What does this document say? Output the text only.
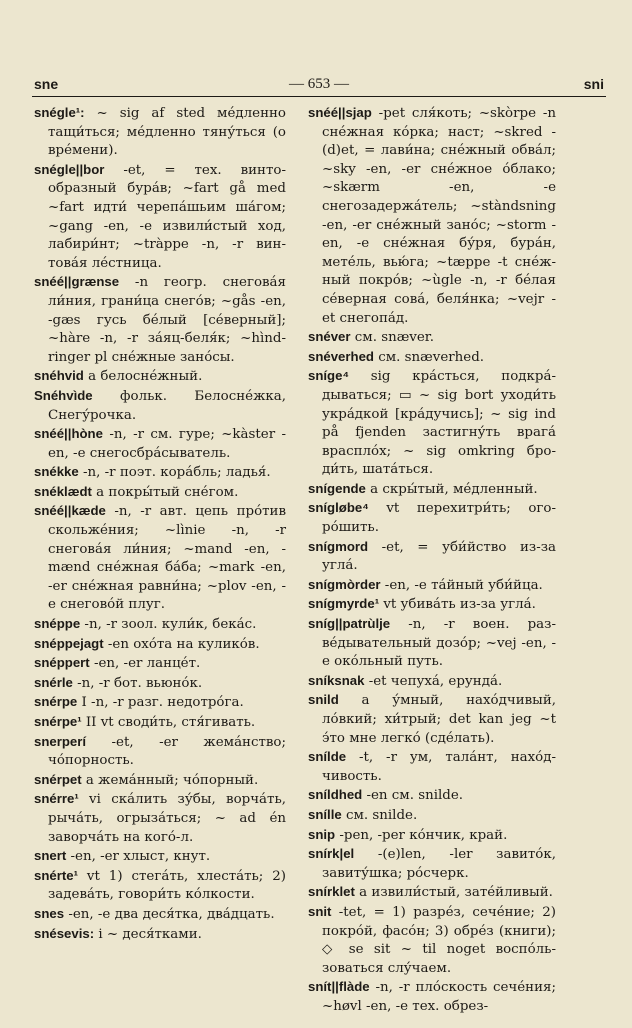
— 653 —
sne	sni

snégle¹: ~ sig af sted мéдленно тащи́ться; мéдленно тяну́ться (о врéмени).

snégle||bor -et, = тех. винтообразный бурáв; ~fart gå med ~fart идти́ черепáшьим шáгом; ~gang -en, -e извили́стый ход, лабири́нт; ~tràppe -n, -r винтовáя лéстница.

snéé||grænse -n геогр. снеговáя ли́ния, грани́ца снегóв; ~gås -en, -gæs гусь бéлый [сéверный]; ~hàre -n, -r зáяц-беля́к; ~hìndringer pl снéжные занóсы.

snéhvid a белоснéжный.

Snéhvìde фольк. Белоснéжка, Снегу́рочка.

snéé||hòne -n, -r см. гуре; ~kàster -en, -e снегосбрáсыватель.

snékke -n, -r поэт. корáбль; ладья́.

snéklædt a покры́тый снéгом.

snéé||kæde -n, -r авт. цепь прóтив скольжéния; ~lìnie -n, -r снеговáя ли́ния; ~mand -en, -mænd снéжная бáба; ~mark -en, -er снéжная равни́на; ~plov -en, -e снеговóй плуг.

snéppe -n, -r зоол. кули́к, бекáс.

snéppejagt -en охóта на куликóв.

snéppert -en, -er ланцéт.

snérle -n, -r бот. вьюнóк.

snérpe I -n, -r разг. недотрóга.

snérpe¹ II vt своди́ть, стя́гивать.

snerperí -et, -er жемáнство; чóпорность.

snérpet a жемáнный; чóпорный.

snérre¹ vi скáлить зу́бы, ворчáть, рычáть, огрызáться; ~ ad én заворчáть на когó-л.

snert -en, -er хлыст, кнут.

snérte¹ vt 1) стегáть, хлестáть; 2) задевáть, говори́ть кóлкости.

snes -en, -e два деся́тка, двáдцать.

snésevis: i ~ деся́тками.

snéé||sjap -pet сля́коть; ~skòrpe -n снéжная кóрка; наст; ~skred -(d)et, = лави́на; снéжный обвáл; ~sky -en, -er снéжное óблако; ~skærm -en, -e снегозадержáтель; ~stàndsning -en, -er снéжный занóс; ~storm -en, -e снéжная бу́ря, бурáн, метéль, вью́га; ~tæppe -t снéжный покрóв; ~ùgle -n, -r бéлая сéверная совá, беля́нка; ~vejr -et снегопáд.

snéver см. snæver.

snéverhed см. snæverhed.

sníge⁴ sig крáсться, подкрáдываться; ▭ ~ sig bort уходи́ть укрáдкой [крáдучись]; ~ sig ind på fjenden застигну́ть врагá врасплóх; ~ sig omkring броди́ть, шатáться.

snígende a скры́тый, мéдленный.

snígløbe⁴ vt перехитри́ть; огорóшить.

snígmord -et, = уби́йство из-за углá.

snígmòrder -en, -e тáйный уби́йца.

snígmyrde¹ vt убивáть из-за углá.

sníg||patrùlje -n, -r воен. развéдывательный дозóр; ~vej -en, -e окóльный путь.

sníksnak -et чепухá, ерундá.

snild a у́мный, нахóдчивый, лóвкий; хи́трый; det kan jeg ~t э́то мне легкó (сдéлать).

sníldе -t, -r ум, талáнт, нахóдчивость.

sníldhed -en см. snilde.

sníllе см. snilde.

snip -pen, -per кóнчик, край.

snírk|el -(e)len, -ler завитóк, завиту́шка; рóсчерк.

snírklet a извили́стый, затéйливый.

snit -tet, = 1) разрéз, сечéние; 2) покрóй, фасóн; 3) обрéз (книги); ◇ se sit ~ til noget воспóльзоваться слу́чаем.

snít||flàde -n, -r плóскость сечéния; ~høvl -en, -e тех. обрез-
